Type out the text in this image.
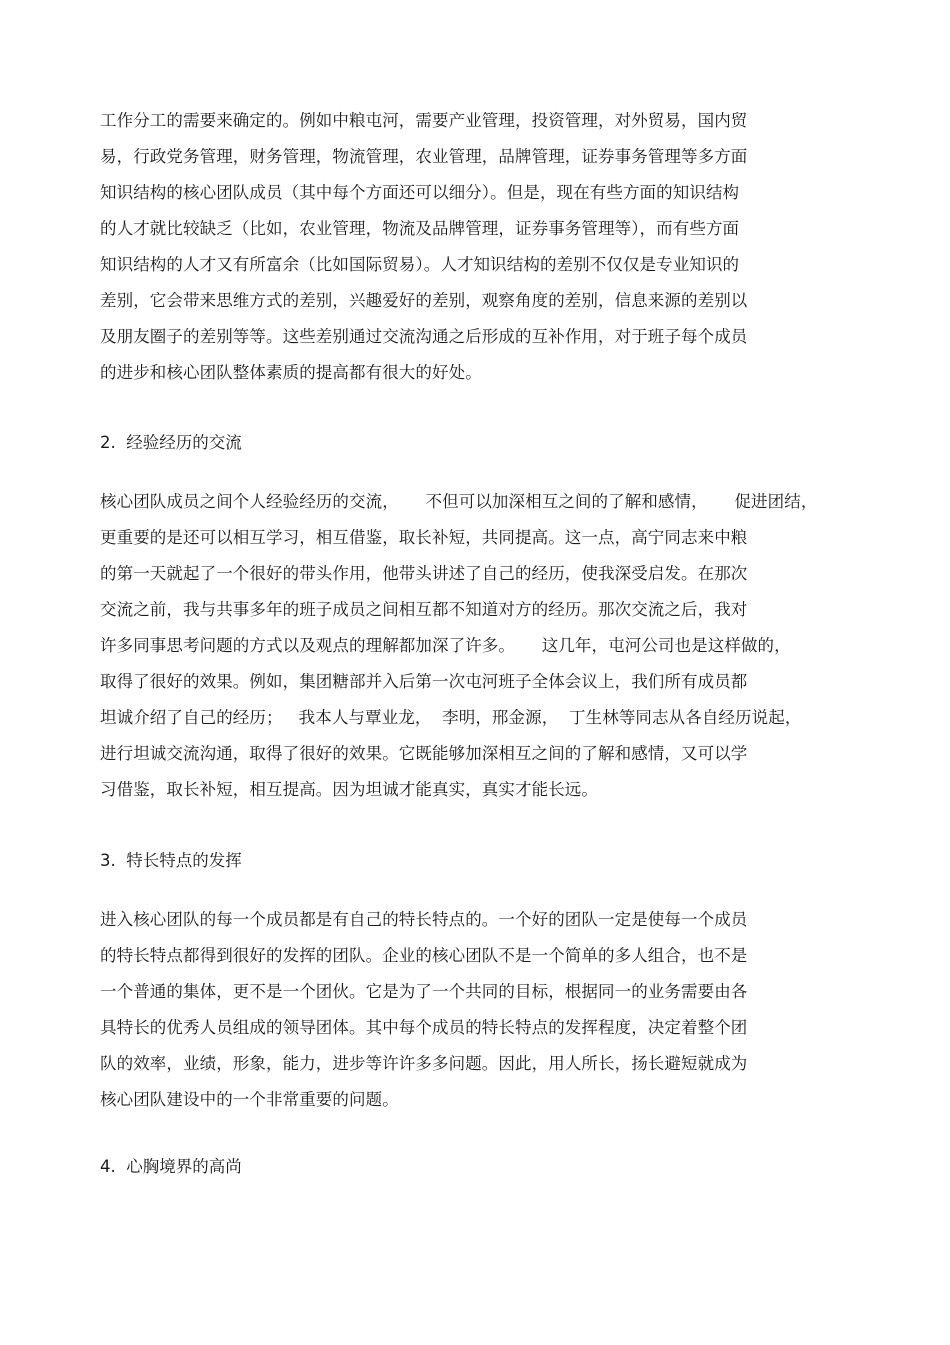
工作分工的需要来确定的。例如中粮屯河，需要产业管理，投资管理，对外贸易，国内贸
易，行政党务管理，财务管理，物流管理，农业管理，品牌管理，证券事务管理等多方面
知识结构的核心团队成员（其中每个方面还可以细分）。但是，现在有些方面的知识结构
的人才就比较缺乏（比如，农业管理，物流及品牌管理，证券事务管理等），而有些方面
知识结构的人才又有所富余（比如国际贸易）。人才知识结构的差别不仅仅是专业知识的
差别，它会带来思维方式的差别，兴趣爱好的差别，观察角度的差别，信息来源的差别以
及朋友圈子的差别等等。这些差别通过交流沟通之后形成的互补作用，对于班子每个成员
的进步和核心团队整体素质的提高都有很大的好处。
2.  经验经历的交流
核心团队成员之间个人经验经历的交流，     不但可以加深相互之间的了解和感情，     促进团结，
更重要的是还可以相互学习，相互借鉴，取长补短，共同提高。这一点，高宁同志来中粮
的第一天就起了一个很好的带头作用，他带头讲述了自己的经历，使我深受启发。在那次
交流之前，我与共事多年的班子成员之间相互都不知道对方的经历。那次交流之后，我对
许多同事思考问题的方式以及观点的理解都加深了许多。     这几年，屯河公司也是这样做的，
取得了很好的效果。例如，集团糖部并入后第一次屯河班子全体会议上，我们所有成员都
坦诚介绍了自己的经历；   我本人与覃业龙，  李明，邢金源，  丁生林等同志从各自经历说起，
进行坦诚交流沟通，取得了很好的效果。它既能够加深相互之间的了解和感情，又可以学
习借鉴，取长补短，相互提高。因为坦诚才能真实，真实才能长远。
3.  特长特点的发挥
进入核心团队的每一个成员都是有自己的特长特点的。一个好的团队一定是使每一个成员
的特长特点都得到很好的发挥的团队。企业的核心团队不是一个简单的多人组合，也不是
一个普通的集体，更不是一个团伙。它是为了一个共同的目标，根据同一的业务需要由各
具特长的优秀人员组成的领导团体。其中每个成员的特长特点的发挥程度，决定着整个团
队的效率，业绩，形象，能力，进步等许许多多问题。因此，用人所长，扬长避短就成为
核心团队建设中的一个非常重要的问题。
4.  心胸境界的高尚
